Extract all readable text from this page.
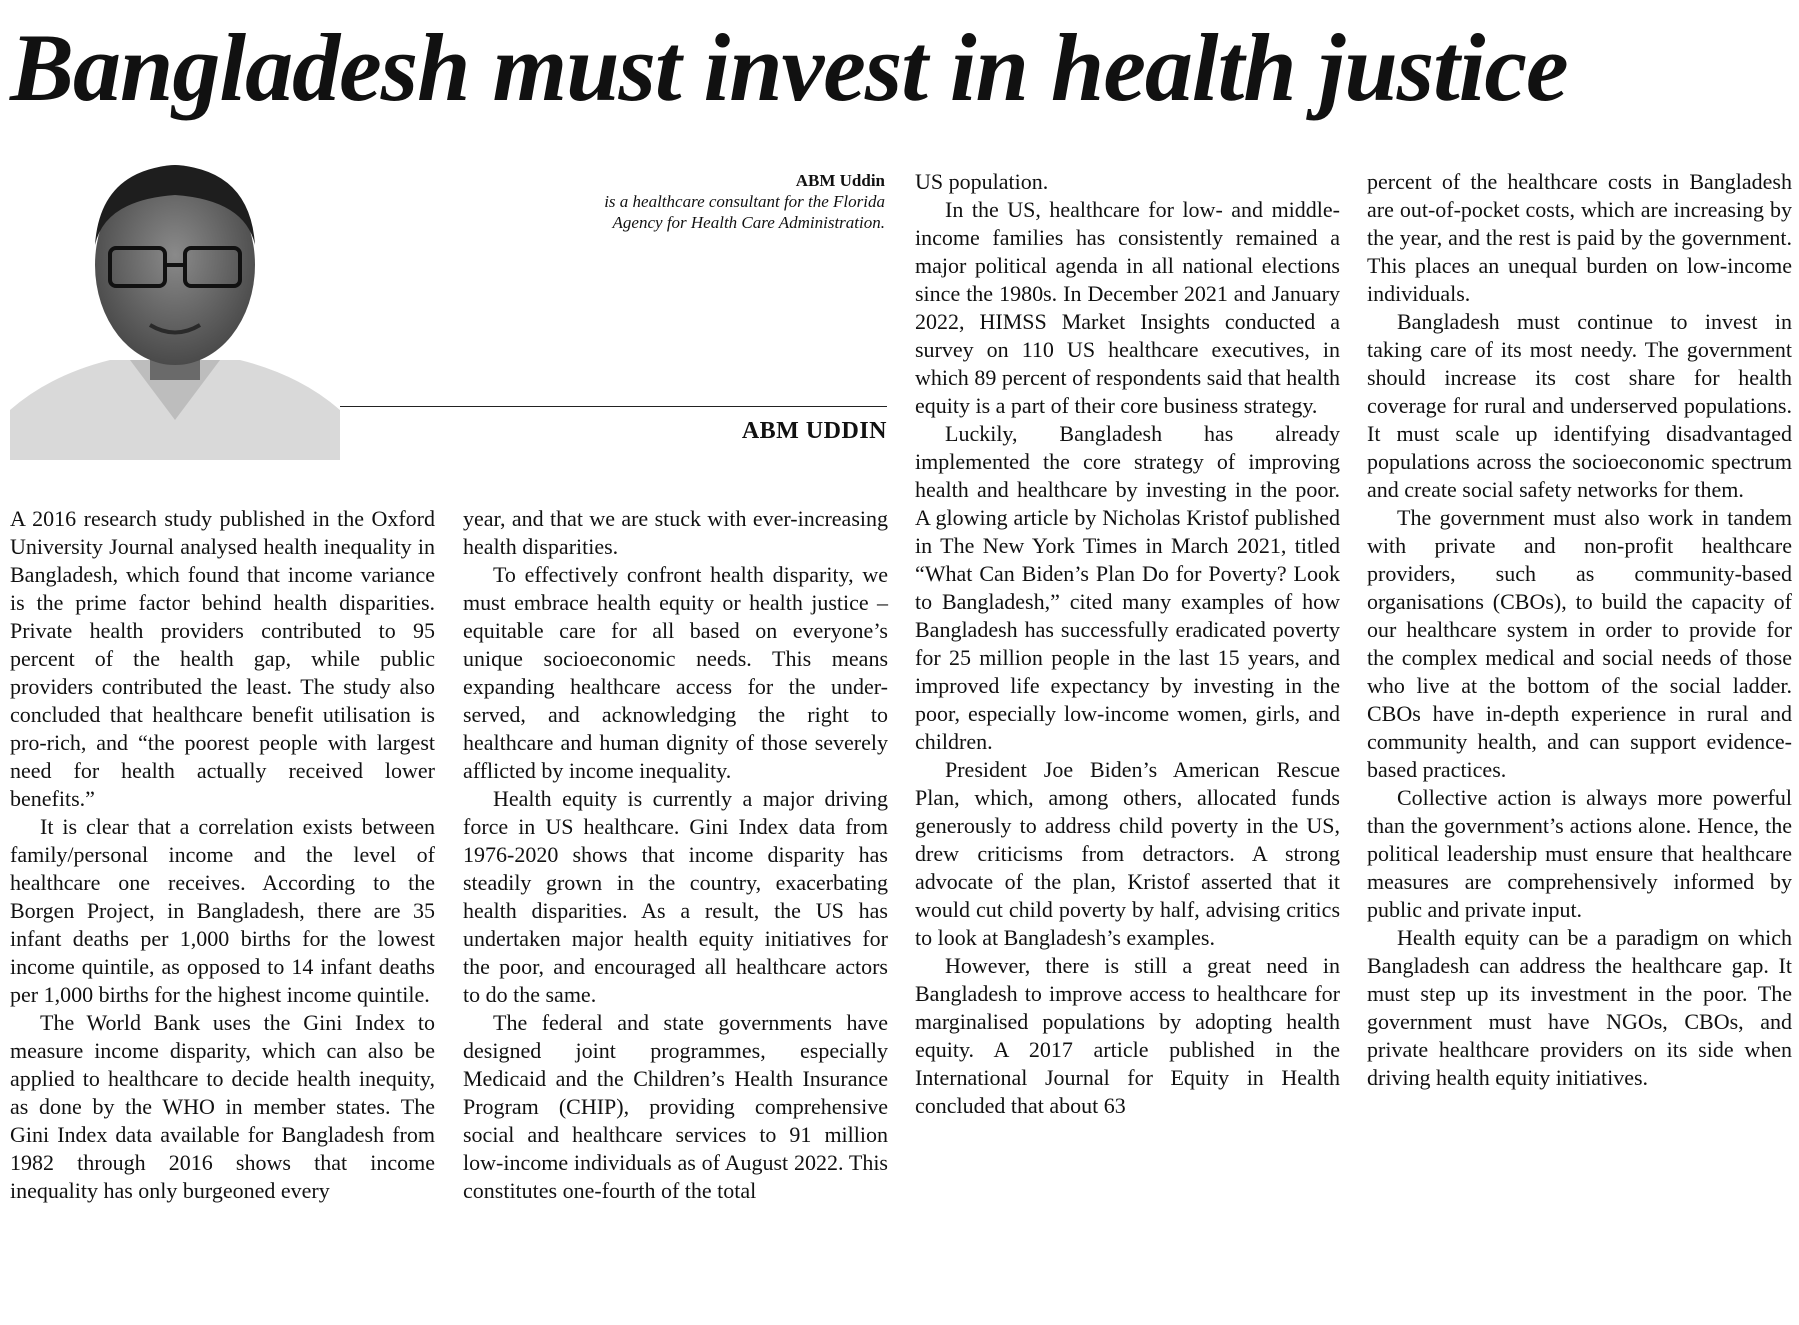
Bangladesh must invest in health justice
ABM Uddin
is a healthcare consultant for the Florida Agency for Health Care Administration.
ABM UDDIN

A 2016 research study published in the Oxford University Journal analysed health inequality in Bangladesh, which found that income variance is the prime factor behind health disparities. Private health providers contributed to 95 percent of the health gap, while public providers contributed the least. The study also concluded that healthcare benefit utilisation is pro-rich, and “the poorest people with largest need for health actually received lower benefits.”

It is clear that a correlation exists between family/personal income and the level of healthcare one receives. According to the Borgen Project, in Bangladesh, there are 35 infant deaths per 1,000 births for the lowest income quintile, as opposed to 14 infant deaths per 1,000 births for the highest income quintile.

The World Bank uses the Gini Index to measure income disparity, which can also be applied to healthcare to decide health inequity, as done by the WHO in member states. The Gini Index data available for Bangladesh from 1982 through 2016 shows that income inequality has only burgeoned every

year, and that we are stuck with ever-increasing health disparities.

To effectively confront health disparity, we must embrace health equity or health justice – equitable care for all based on everyone’s unique socioeconomic needs. This means expanding healthcare access for the under-served, and acknowledging the right to healthcare and human dignity of those severely afflicted by income inequality.

Health equity is currently a major driving force in US healthcare. Gini Index data from 1976-2020 shows that income disparity has steadily grown in the country, exacerbating health disparities. As a result, the US has undertaken major health equity initiatives for the poor, and encouraged all healthcare actors to do the same.

The federal and state governments have designed joint programmes, especially Medicaid and the Children’s Health Insurance Program (CHIP), providing comprehensive social and healthcare services to 91 million low-income individuals as of August 2022. This constitutes one-fourth of the total

US population.

In the US, healthcare for low- and middle-income families has consistently remained a major political agenda in all national elections since the 1980s. In December 2021 and January 2022, HIMSS Market Insights conducted a survey on 110 US healthcare executives, in which 89 percent of respondents said that health equity is a part of their core business strategy.

Luckily, Bangladesh has already implemented the core strategy of improving health and healthcare by investing in the poor. A glowing article by Nicholas Kristof published in The New York Times in March 2021, titled “What Can Biden’s Plan Do for Poverty? Look to Bangladesh,” cited many examples of how Bangladesh has successfully eradicated poverty for 25 million people in the last 15 years, and improved life expectancy by investing in the poor, especially low-income women, girls, and children.

President Joe Biden’s American Rescue Plan, which, among others, allocated funds generously to address child poverty in the US, drew criticisms from detractors. A strong advocate of the plan, Kristof asserted that it would cut child poverty by half, advising critics to look at Bangladesh’s examples.

However, there is still a great need in Bangladesh to improve access to healthcare for marginalised populations by adopting health equity. A 2017 article published in the International Journal for Equity in Health concluded that about 63

percent of the healthcare costs in Bangladesh are out-of-pocket costs, which are increasing by the year, and the rest is paid by the government. This places an unequal burden on low-income individuals.

Bangladesh must continue to invest in taking care of its most needy. The government should increase its cost share for health coverage for rural and underserved populations. It must scale up identifying disadvantaged populations across the socioeconomic spectrum and create social safety networks for them.

The government must also work in tandem with private and non-profit healthcare providers, such as community-based organisations (CBOs), to build the capacity of our healthcare system in order to provide for the complex medical and social needs of those who live at the bottom of the social ladder. CBOs have in-depth experience in rural and community health, and can support evidence-based practices.

Collective action is always more powerful than the government’s actions alone. Hence, the political leadership must ensure that healthcare measures are comprehensively informed by public and private input.

Health equity can be a paradigm on which Bangladesh can address the healthcare gap. It must step up its investment in the poor. The government must have NGOs, CBOs, and private healthcare providers on its side when driving health equity initiatives.
